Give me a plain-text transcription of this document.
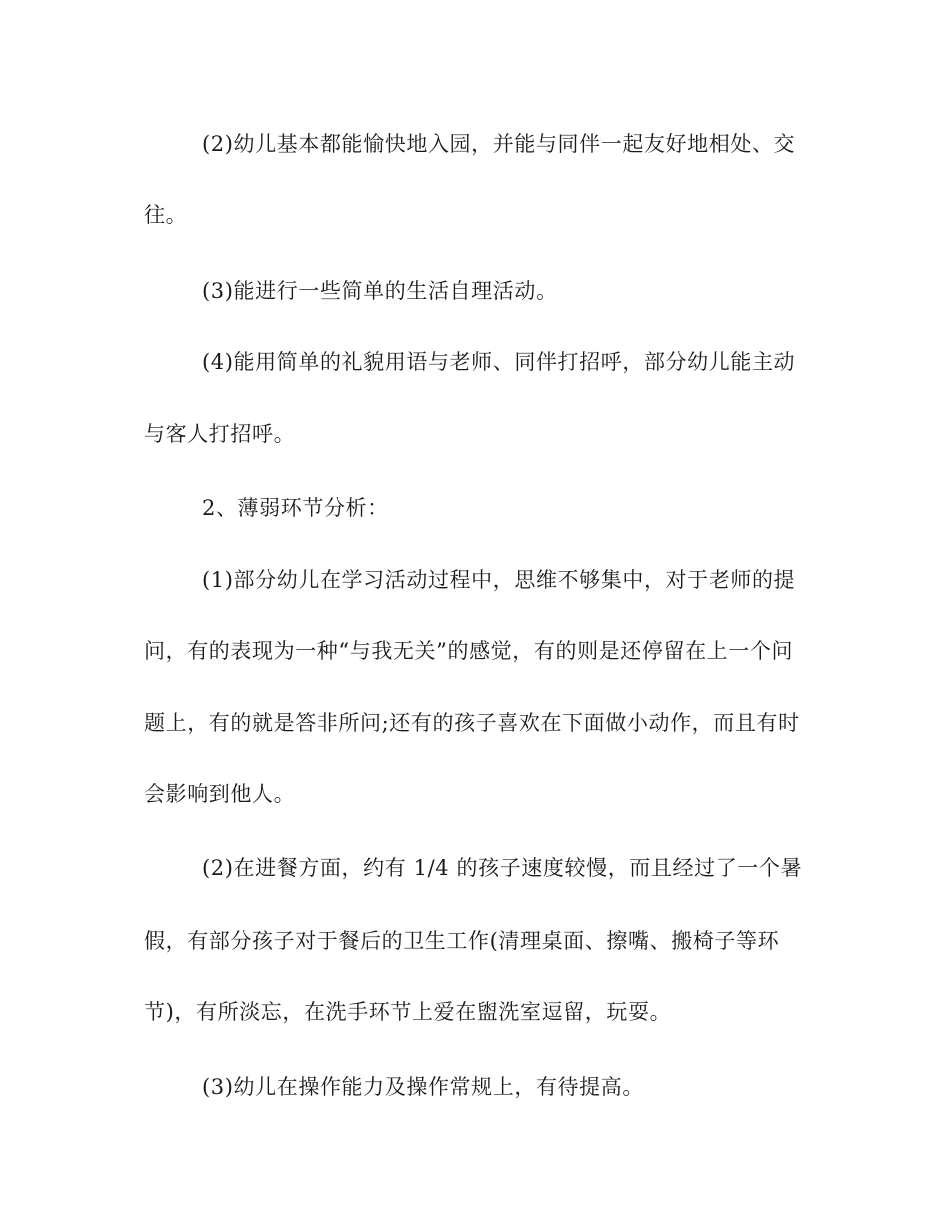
(2)幼儿基本都能愉快地入园，并能与同伴一起友好地相处、交
往。
(3)能进行一些简单的生活自理活动。
(4)能用简单的礼貌用语与老师、同伴打招呼，部分幼儿能主动
与客人打招呼。
2、薄弱环节分析：
(1)部分幼儿在学习活动过程中，思维不够集中，对于老师的提
问，有的表现为一种“与我无关”的感觉，有的则是还停留在上一个问
题上，有的就是答非所问;还有的孩子喜欢在下面做小动作，而且有时
会影响到他人。
(2)在进餐方面，约有 1/4 的孩子速度较慢，而且经过了一个暑
假，有部分孩子对于餐后的卫生工作(清理桌面、擦嘴、搬椅子等环
节)，有所淡忘，在洗手环节上爱在盥洗室逗留，玩耍。
(3)幼儿在操作能力及操作常规上，有待提高。
